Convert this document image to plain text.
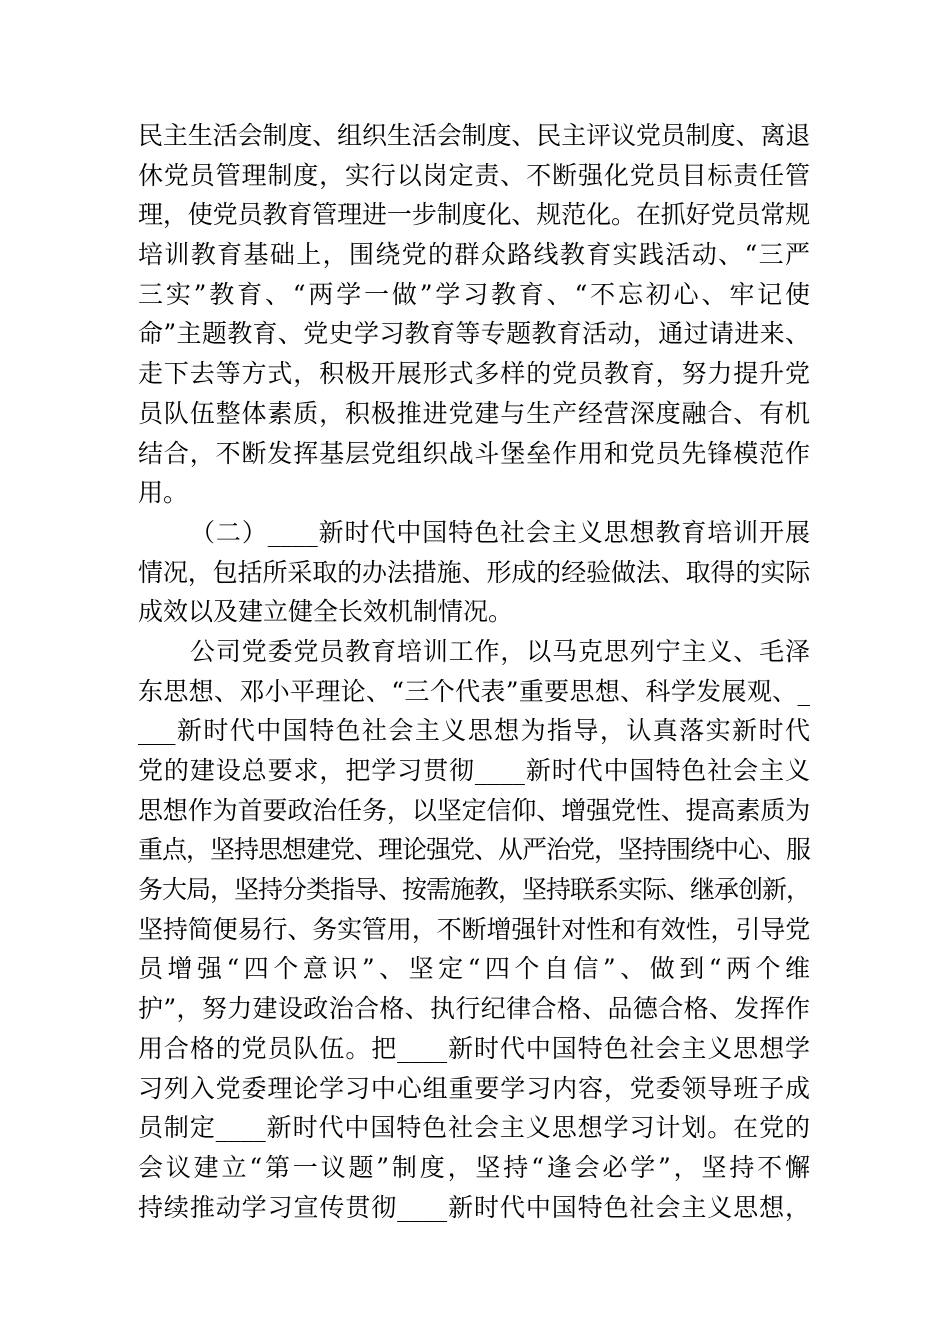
民主生活会制度、组织生活会制度、民主评议党员制度、离退
休党员管理制度，实行以岗定责、不断强化党员目标责任管
理，使党员教育管理进一步制度化、规范化。在抓好党员常规
培训教育基础上，围绕党的群众路线教育实践活动、“三严
三实”教育、“两学一做”学习教育、“不忘初心、牢记使
命”主题教育、党史学习教育等专题教育活动，通过请进来、
走下去等方式，积极开展形式多样的党员教育，努力提升党
员队伍整体素质，积极推进党建与生产经营深度融合、有机
结合，不断发挥基层党组织战斗堡垒作用和党员先锋模范作
用。
（二）____新时代中国特色社会主义思想教育培训开展
情况，包括所采取的办法措施、形成的经验做法、取得的实际
成效以及建立健全长效机制情况。
公司党委党员教育培训工作，以马克思列宁主义、毛泽
东思想、邓小平理论、“三个代表”重要思想、科学发展观、_
___新时代中国特色社会主义思想为指导，认真落实新时代
党的建设总要求，把学习贯彻____新时代中国特色社会主义
思想作为首要政治任务，以坚定信仰、增强党性、提高素质为
重点，坚持思想建党、理论强党、从严治党，坚持围绕中心、服
务大局，坚持分类指导、按需施教，坚持联系实际、继承创新，
坚持简便易行、务实管用，不断增强针对性和有效性，引导党
员增强“四个意识”、坚定“四个自信”、做到“两个维
护”，努力建设政治合格、执行纪律合格、品德合格、发挥作
用合格的党员队伍。把____新时代中国特色社会主义思想学
习列入党委理论学习中心组重要学习内容，党委领导班子成
员制定____新时代中国特色社会主义思想学习计划。在党的
会议建立“第一议题”制度，坚持“逢会必学”，坚持不懈
持续推动学习宣传贯彻____新时代中国特色社会主义思想，
